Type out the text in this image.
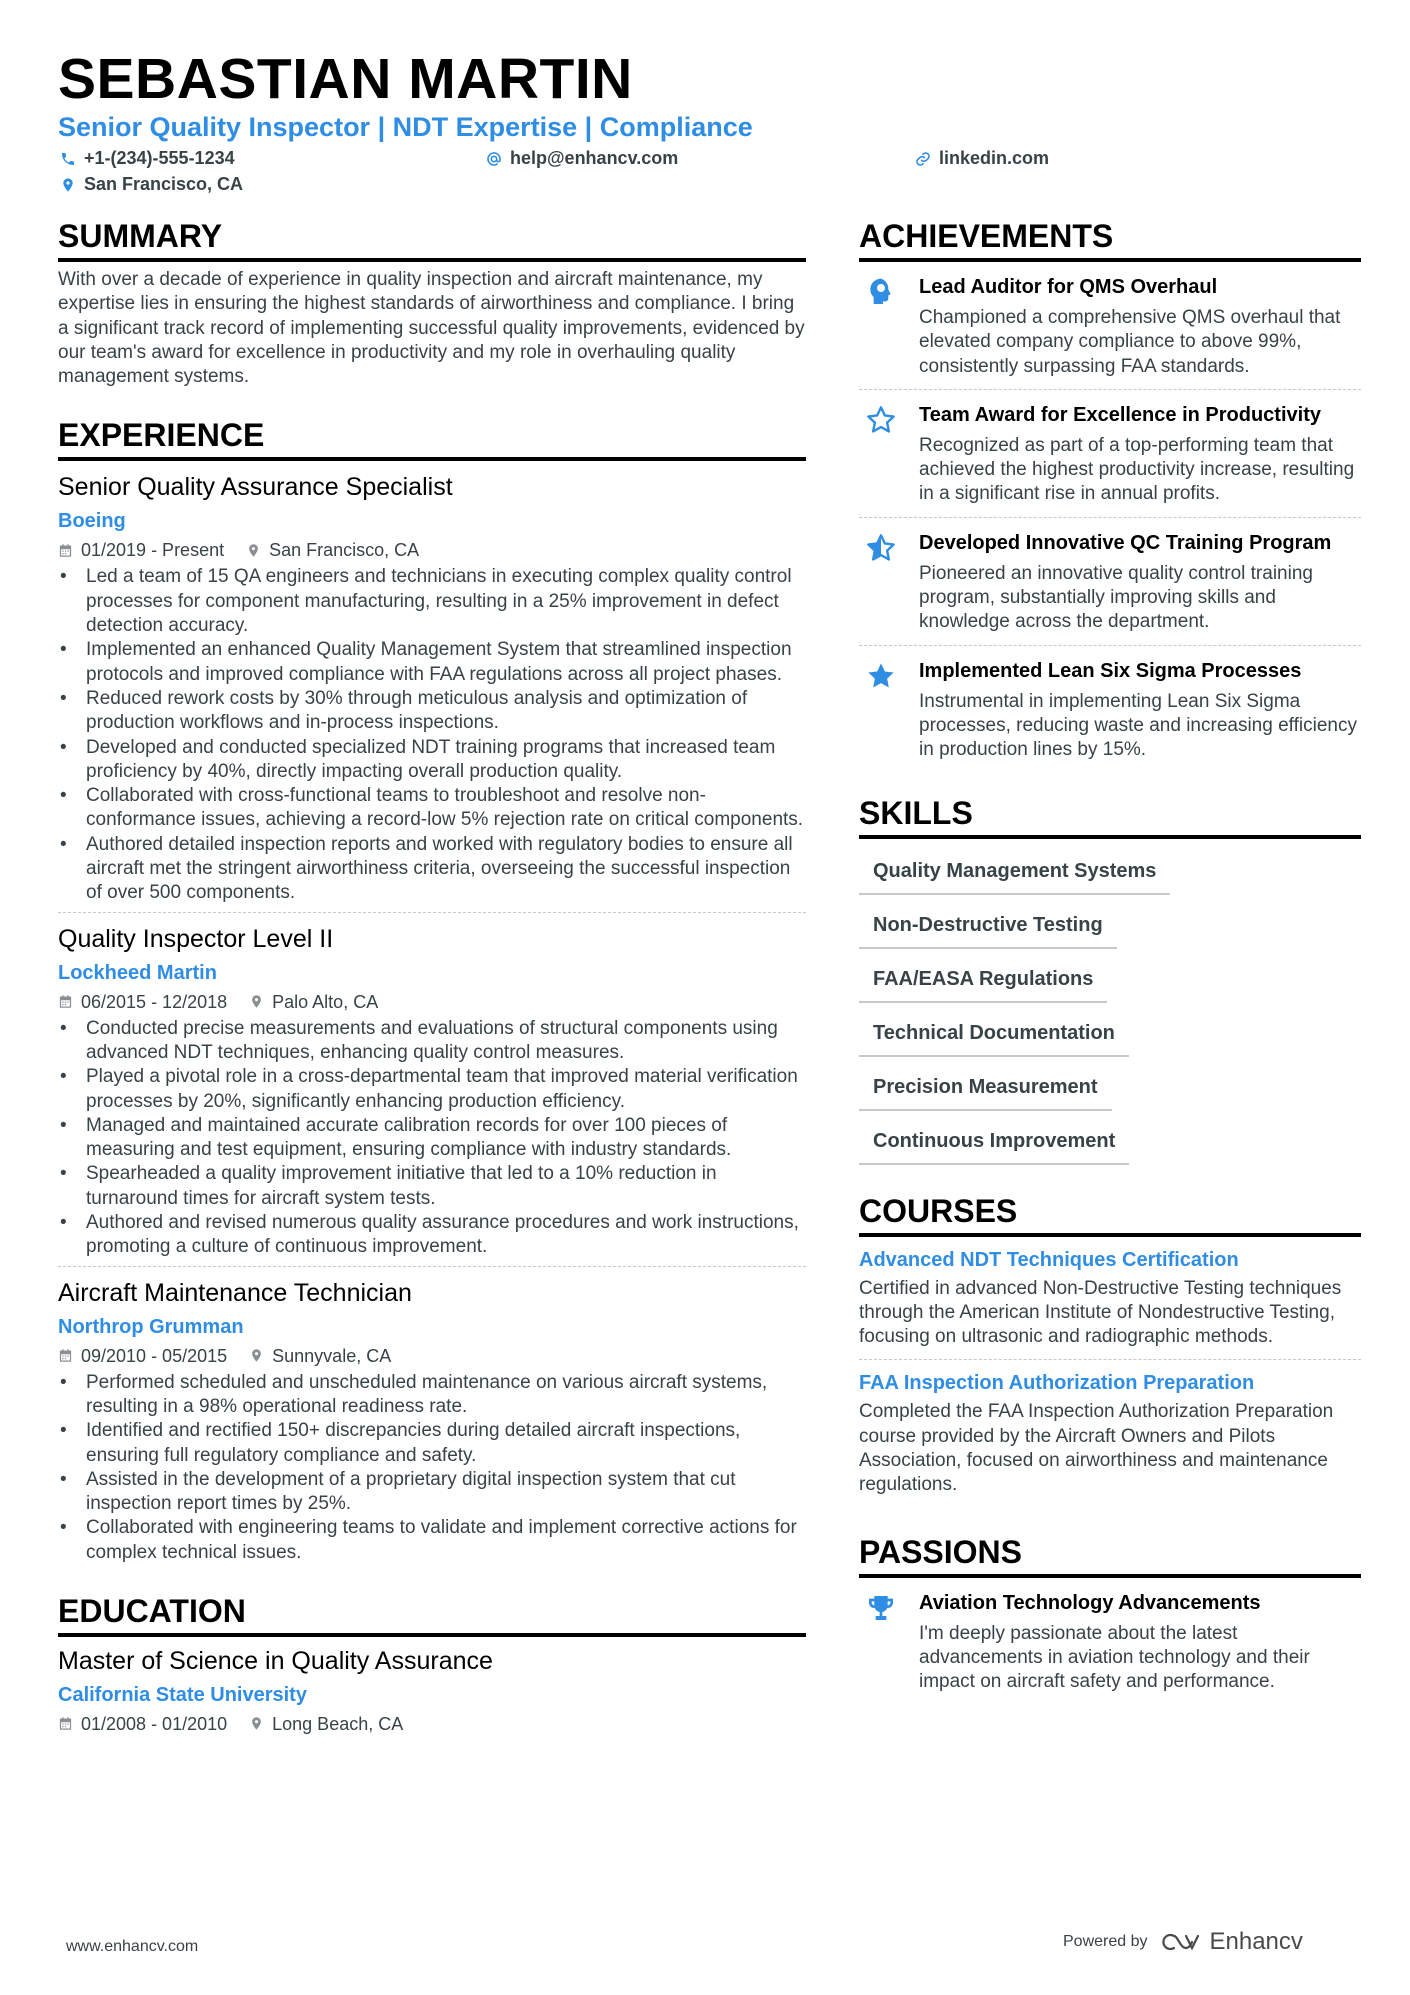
SEBASTIAN MARTIN
Senior Quality Inspector | NDT Expertise | Compliance
+1-(234)-555-1234	help@enhancv.com	linkedin.com
San Francisco, CA
SUMMARY

With over a decade of experience in quality inspection and aircraft maintenance, my expertise lies in ensuring the highest standards of airworthiness and compliance. I bring a significant track record of implementing successful quality improvements, evidenced by our team's award for excellence in productivity and my role in overhauling quality management systems.

EXPERIENCE
Senior Quality Assurance Specialist
Boeing
01/2019 - Present	San Francisco, CA
• Led a team of 15 QA engineers and technicians in executing complex quality control processes for component manufacturing, resulting in a 25% improvement in defect detection accuracy.
• Implemented an enhanced Quality Management System that streamlined inspection protocols and improved compliance with FAA regulations across all project phases.
• Reduced rework costs by 30% through meticulous analysis and optimization of production workflows and in-process inspections.
• Developed and conducted specialized NDT training programs that increased team proficiency by 40%, directly impacting overall production quality.
• Collaborated with cross-functional teams to troubleshoot and resolve non-conformance issues, achieving a record-low 5% rejection rate on critical components.
• Authored detailed inspection reports and worked with regulatory bodies to ensure all aircraft met the stringent airworthiness criteria, overseeing the successful inspection of over 500 components.
Quality Inspector Level II
Lockheed Martin
06/2015 - 12/2018	Palo Alto, CA
• Conducted precise measurements and evaluations of structural components using advanced NDT techniques, enhancing quality control measures.
• Played a pivotal role in a cross-departmental team that improved material verification processes by 20%, significantly enhancing production efficiency.
• Managed and maintained accurate calibration records for over 100 pieces of measuring and test equipment, ensuring compliance with industry standards.
• Spearheaded a quality improvement initiative that led to a 10% reduction in turnaround times for aircraft system tests.
• Authored and revised numerous quality assurance procedures and work instructions, promoting a culture of continuous improvement.
Aircraft Maintenance Technician
Northrop Grumman
09/2010 - 05/2015	Sunnyvale, CA
• Performed scheduled and unscheduled maintenance on various aircraft systems, resulting in a 98% operational readiness rate.
• Identified and rectified 150+ discrepancies during detailed aircraft inspections, ensuring full regulatory compliance and safety.
• Assisted in the development of a proprietary digital inspection system that cut inspection report times by 25%.
• Collaborated with engineering teams to validate and implement corrective actions for complex technical issues.
EDUCATION
Master of Science in Quality Assurance
California State University
01/2008 - 01/2010	Long Beach, CA
ACHIEVEMENTS
Lead Auditor for QMS Overhaul
Championed a comprehensive QMS overhaul that elevated company compliance to above 99%, consistently surpassing FAA standards.
Team Award for Excellence in Productivity
Recognized as part of a top-performing team that achieved the highest productivity increase, resulting in a significant rise in annual profits.
Developed Innovative QC Training Program
Pioneered an innovative quality control training program, substantially improving skills and knowledge across the department.
Implemented Lean Six Sigma Processes
Instrumental in implementing Lean Six Sigma processes, reducing waste and increasing efficiency in production lines by 15%.
SKILLS
Quality Management Systems
Non-Destructive Testing
FAA/EASA Regulations
Technical Documentation
Precision Measurement
Continuous Improvement
COURSES
Advanced NDT Techniques Certification
Certified in advanced Non-Destructive Testing techniques through the American Institute of Nondestructive Testing, focusing on ultrasonic and radiographic methods.
FAA Inspection Authorization Preparation
Completed the FAA Inspection Authorization Preparation course provided by the Aircraft Owners and Pilots Association, focused on airworthiness and maintenance regulations.
PASSIONS
Aviation Technology Advancements
I'm deeply passionate about the latest advancements in aviation technology and their impact on aircraft safety and performance.
www.enhancv.com	Powered by	Enhancv
